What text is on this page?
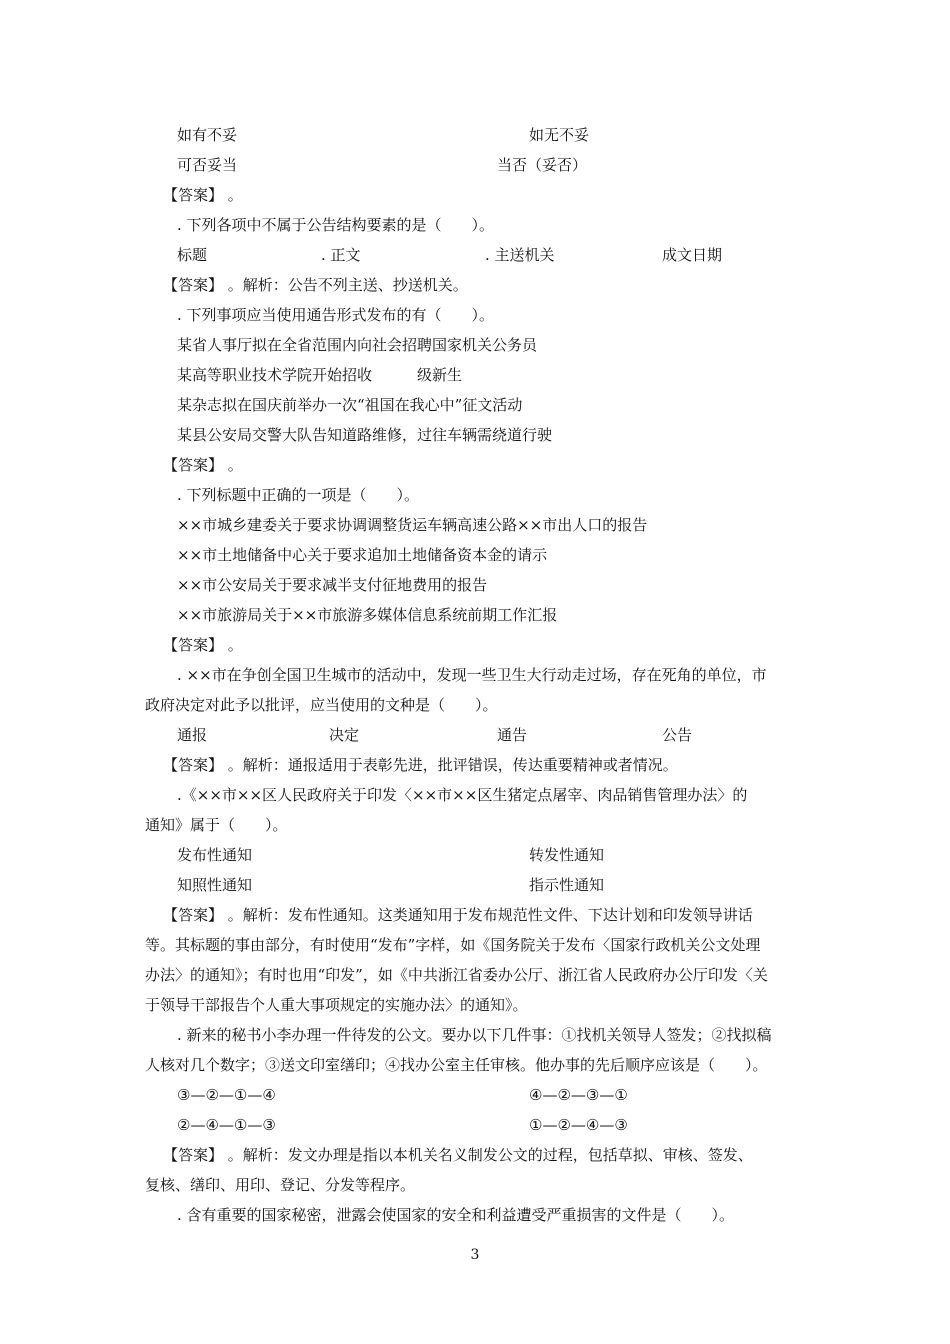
如有不妥	如无不妥
可否妥当	当否（妥否）
【答案】 。
. 下列各项中不属于公告结构要素的是（　　）。
标题	. 正文	. 主送机关	成文日期
【答案】 。解析：公告不列主送、抄送机关。
. 下列事项应当使用通告形式发布的有（　　）。
某省人事厅拟在全省范围内向社会招聘国家机关公务员
某高等职业技术学院开始招收　　　级新生
某杂志拟在国庆前举办一次“祖国在我心中”征文活动
某县公安局交警大队告知道路维修，过往车辆需绕道行驶
【答案】 。
. 下列标题中正确的一项是（　　）。
××市城乡建委关于要求协调调整货运车辆高速公路××市出人口的报告
××市土地储备中心关于要求追加土地储备资本金的请示
××市公安局关于要求减半支付征地费用的报告
××市旅游局关于××市旅游多媒体信息系统前期工作汇报
【答案】 。
. ××市在争创全国卫生城市的活动中，发现一些卫生大行动走过场，存在死角的单位，市
政府决定对此予以批评，应当使用的文种是（　　）。
通报	决定	通告	公告
【答案】 。解析：通报适用于表彰先进，批评错误，传达重要精神或者情况。
.《××市××区人民政府关于印发〈××市××区生猪定点屠宰、肉品销售管理办法〉的
通知》属于（　　）。
发布性通知	转发性通知
知照性通知	指示性通知
【答案】 。解析：发布性通知。这类通知用于发布规范性文件、下达计划和印发领导讲话
等。其标题的事由部分，有时使用“发布”字样，如《国务院关于发布〈国家行政机关公文处理
办法〉的通知》；有时也用“印发”，如《中共浙江省委办公厅、浙江省人民政府办公厅印发〈关
于领导干部报告个人重大事项规定的实施办法〉的通知》。
. 新来的秘书小李办理一件待发的公文。要办以下几件事：①找机关领导人签发；②找拟稿
人核对几个数字；③送文印室缮印；④找办公室主任审核。他办事的先后顺序应该是（　　）。
③—②—①—④	④—②—③—①
②—④—①—③	①—②—④—③
【答案】 。解析：发文办理是指以本机关名义制发公文的过程，包括草拟、审核、签发、
复核、缮印、用印、登记、分发等程序。
. 含有重要的国家秘密，泄露会使国家的安全和利益遭受严重损害的文件是（　　）。
3
